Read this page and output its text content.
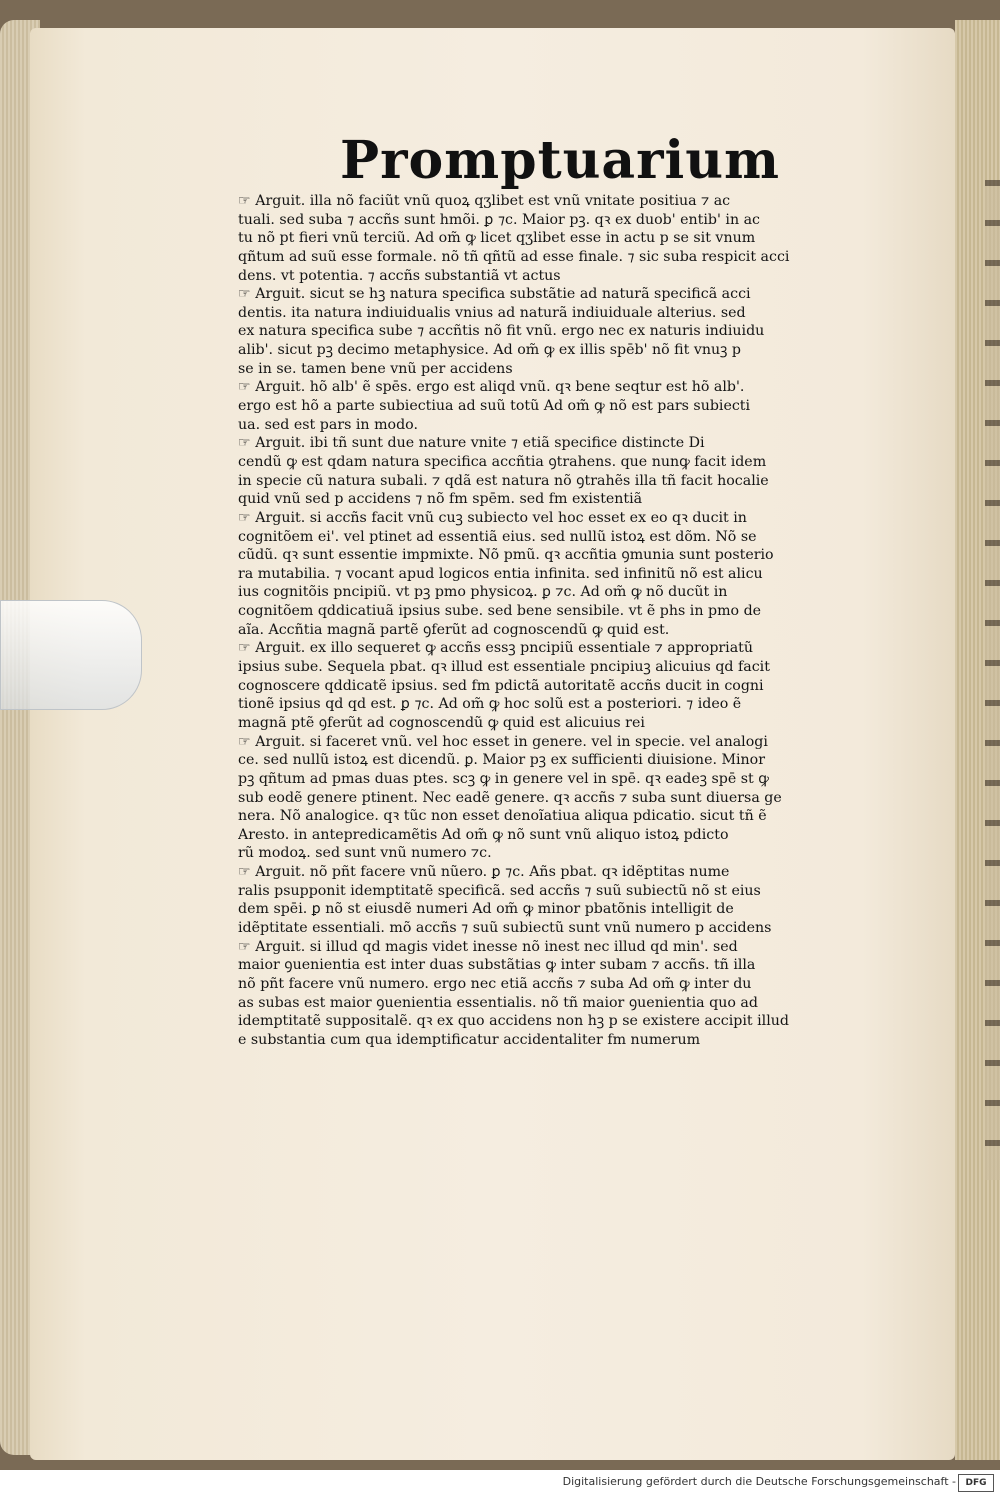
Promptuarium
☞ Arguit. illa nõ faciũt vnũ quoꝝ qʒlibet est vnũ vnitate positiua ⁊ ac
tuali. sed suba ⁊ accñs sunt hmõi. ꝑ ⁊c. Maior pꝫ. qꝛ ex duob' entib' in ac
tu nõ pt fieri vnũ terciũ. Ad om̃ ꝙ licet qʒlibet esse in actu p se sit vnum
qñtum ad suũ esse formale. nõ tñ qñtũ ad esse finale. ⁊ sic suba respicit acci
dens. vt potentia. ⁊ accñs substantiã vt actus
☞ Arguit. sicut se hꝫ natura specifica substãtie ad naturã specificã acci
dentis. ita natura indiuidualis vnius ad naturã indiuiduale alterius. sed
ex natura specifica sube ⁊ accñtis nõ fit vnũ. ergo nec ex naturis indiuidu
alib'. sicut pꝫ decimo metaphysice. Ad om̃ ꝙ ex illis spēb' nõ fit vnuꝫ p
se in se. tamen bene vnũ per accidens
☞ Arguit. hõ alb' ẽ spēs. ergo est aliqd vnũ. qꝛ bene seqtur est hõ alb'.
ergo est hõ a parte subiectiua ad suũ totũ Ad om̃ ꝙ nõ est pars subiecti
ua. sed est pars in modo.
☞ Arguit. ibi tñ sunt due nature vnite ⁊ etiã specifice distincte Di
cendũ ꝙ est qdam natura specifica accñtia ꝯtrahens. que nunꝙ facit idem
in specie cũ natura subali. ⁊ qdã est natura nõ ꝯtrahẽs illa tñ facit hocalie
quid vnũ sed p accidens ⁊ nõ fm spēm. sed fm existentiã
☞ Arguit. si accñs facit vnũ cuꝫ subiecto vel hoc esset ex eo qꝛ ducit in
cognitõem ei'. vel ptinet ad essentiã eius. sed nullũ istoꝝ est dõm. Nõ se
cũdũ. qꝛ sunt essentie impmixte. Nõ pmũ. qꝛ accñtia ꝯmunia sunt posterio
ra mutabilia. ⁊ vocant apud logicos entia infinita. sed infinitũ nõ est alicu
ius cognitõis pncipiũ. vt pꝫ pmo physicoꝝ. ꝑ ⁊c. Ad om̃ ꝙ nõ ducũt in
cognitõem qddicatiuã ipsius sube. sed bene sensibile. vt ẽ phs in pmo de
aĩa. Accñtia magnã partẽ ꝯferũt ad cognoscendũ ꝙ quid est.
☞ Arguit. ex illo sequeret ꝙ accñs essꝫ pncipiũ essentiale ⁊ appropriatũ
ipsius sube. Sequela pbat. qꝛ illud est essentiale pncipiuꝫ alicuius qd facit
cognoscere qddicatẽ ipsius. sed fm pdictã autoritatẽ accñs ducit in cogni
tionẽ ipsius qd qd est. ꝑ ⁊c. Ad om̃ ꝙ hoc solũ est a posteriori. ⁊ ideo ẽ
magnã ptẽ ꝯferũt ad cognoscendũ ꝙ quid est alicuius rei
☞ Arguit. si faceret vnũ. vel hoc esset in genere. vel in specie. vel analogi
ce. sed nullũ istoꝝ est dicendũ. ꝑ. Maior pꝫ ex sufficienti diuisione. Minor
pꝫ qñtum ad pmas duas ptes. scꝫ ꝙ in genere vel in spē. qꝛ eadeꝫ spē st ꝙ
sub eodẽ genere ptinent. Nec eadẽ genere. qꝛ accñs ⁊ suba sunt diuersa ge
nera. Nõ analogice. qꝛ tũc non esset denoĩatiua aliqua pdicatio. sicut tñ ẽ
Aresto. in antepredicamẽtis Ad om̃ ꝙ nõ sunt vnũ aliquo istoꝝ pdicto
rũ modoꝝ. sed sunt vnũ numero ⁊c.
☞ Arguit. nõ pñt facere vnũ nũero. ꝑ ⁊c. Añs pbat. qꝛ idẽptitas nume
ralis psupponit idemptitatẽ specificã. sed accñs ⁊ suũ subiectũ nõ st eius
dem spēi. ꝑ nõ st eiusdẽ numeri Ad om̃ ꝙ minor pbatõnis intelligit de
idẽptitate essentiali. mõ accñs ⁊ suũ subiectũ sunt vnũ numero p accidens
☞ Arguit. si illud qd magis videt inesse nõ inest nec illud qd min'. sed
maior ꝯuenientia est inter duas substãtias ꝙ inter subam ⁊ accñs. tñ illa
nõ pñt facere vnũ numero. ergo nec etiã accñs ⁊ suba Ad om̃ ꝙ inter du
as subas est maior ꝯuenientia essentialis. nõ tñ maior ꝯuenientia quo ad
idemptitatẽ suppositalẽ. qꝛ ex quo accidens non hꝫ p se existere accipit illud
e substantia cum qua idemptificatur accidentaliter fm numerum
Digitalisierung gefördert durch die Deutsche Forschungsgemeinschaft -	DFG
